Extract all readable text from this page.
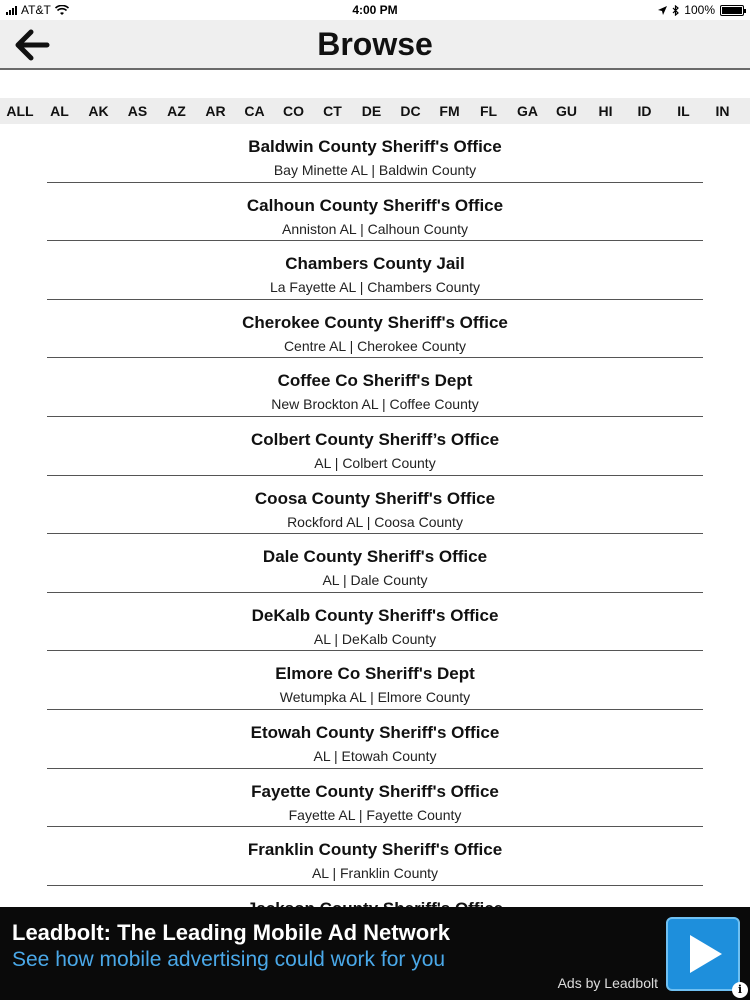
AT&T	4:00 PM	100%
Browse
ALL	AL	AK	AS	AZ	AR	CA	CO	CT	DE	DC	FM	FL	GA	GU	HI	ID	IL	IN
Baldwin County Sheriff's Office
Bay Minette AL | Baldwin County
Calhoun County Sheriff's Office
Anniston AL | Calhoun County
Chambers County Jail
La Fayette AL | Chambers County
Cherokee County Sheriff's Office
Centre AL | Cherokee County
Coffee Co Sheriff's Dept
New Brockton AL | Coffee County
Colbert County Sheriff’s Office
AL | Colbert County
Coosa County Sheriff's Office
Rockford AL | Coosa County
Dale County Sheriff's Office
AL | Dale County
DeKalb County Sheriff's Office
AL | DeKalb County
Elmore Co Sheriff's Dept
Wetumpka AL | Elmore County
Etowah County Sheriff's Office
AL | Etowah County
Fayette County Sheriff's Office
Fayette AL | Fayette County
Franklin County Sheriff's Office
AL | Franklin County
Leadbolt: The Leading Mobile Ad Network
See how mobile advertising could work for you
Ads by Leadbolt	i
